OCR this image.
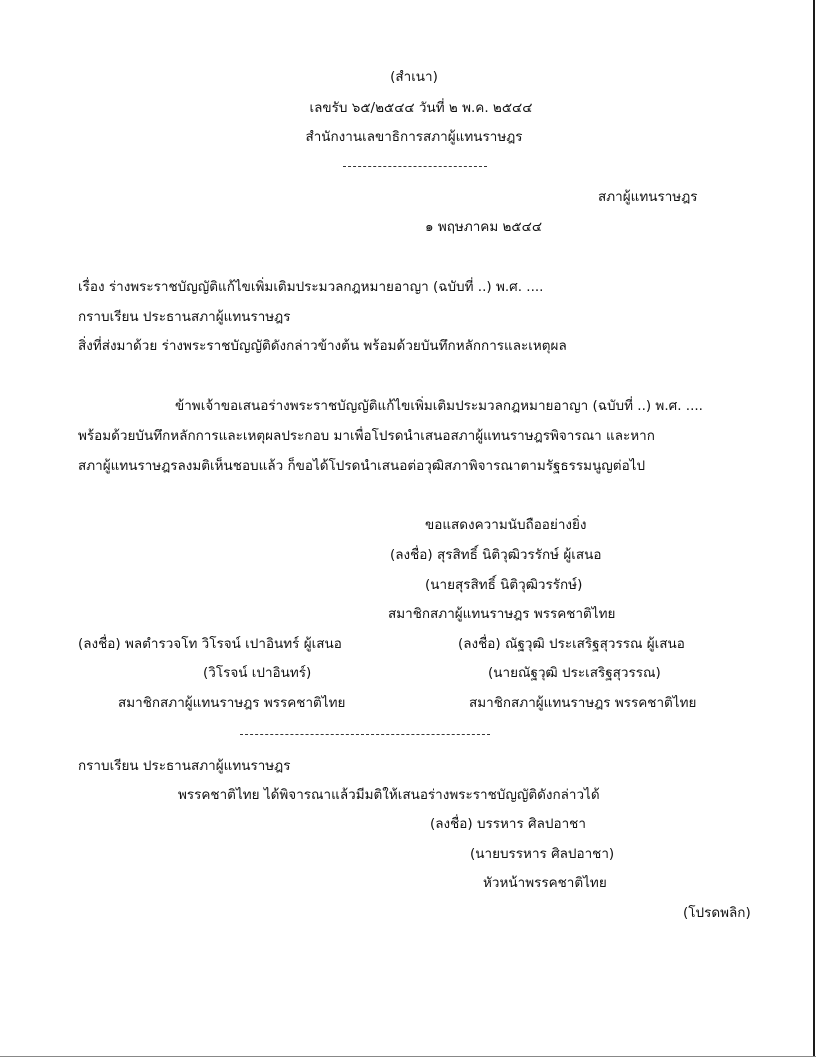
(สำเนา)
เลขรับ ๖๕/๒๕๔๔ วันที่ ๒ พ.ค. ๒๕๔๔
สำนักงานเลขาธิการสภาผู้แทนราษฎร
สภาผู้แทนราษฎร
๑ พฤษภาคม ๒๕๔๔
เรื่อง ร่างพระราชบัญญัติแก้ไขเพิ่มเติมประมวลกฎหมายอาญา (ฉบับที่ ..) พ.ศ. ....
กราบเรียน ประธานสภาผู้แทนราษฎร
สิ่งที่ส่งมาด้วย ร่างพระราชบัญญัติดังกล่าวข้างต้น พร้อมด้วยบันทึกหลักการและเหตุผล
ข้าพเจ้าขอเสนอร่างพระราชบัญญัติแก้ไขเพิ่มเติมประมวลกฎหมายอาญา (ฉบับที่ ..) พ.ศ. ....
พร้อมด้วยบันทึกหลักการและเหตุผลประกอบ มาเพื่อโปรดนำเสนอสภาผู้แทนราษฎรพิจารณา และหาก
สภาผู้แทนราษฎรลงมติเห็นชอบแล้ว ก็ขอได้โปรดนำเสนอต่อวุฒิสภาพิจารณาตามรัฐธรรมนูญต่อไป
ขอแสดงความนับถืออย่างยิ่ง
(ลงชื่อ) สุรสิทธิ์ นิติวุฒิวรรักษ์ ผู้เสนอ
(นายสุรสิทธิ์ นิติวุฒิวรรักษ์)
สมาชิกสภาผู้แทนราษฎร พรรคชาติไทย
(ลงชื่อ) พลตำรวจโท วิโรจน์ เปาอินทร์ ผู้เสนอ
(วิโรจน์ เปาอินทร์)
สมาชิกสภาผู้แทนราษฎร พรรคชาติไทย
(ลงชื่อ) ณัฐวุฒิ ประเสริฐสุวรรณ ผู้เสนอ
(นายณัฐวุฒิ ประเสริฐสุวรรณ)
สมาชิกสภาผู้แทนราษฎร พรรคชาติไทย
กราบเรียน ประธานสภาผู้แทนราษฎร
พรรคชาติไทย ได้พิจารณาแล้วมีมติให้เสนอร่างพระราชบัญญัติดังกล่าวได้
(ลงชื่อ) บรรหาร ศิลปอาชา
(นายบรรหาร ศิลปอาชา)
หัวหน้าพรรคชาติไทย
(โปรดพลิก)
